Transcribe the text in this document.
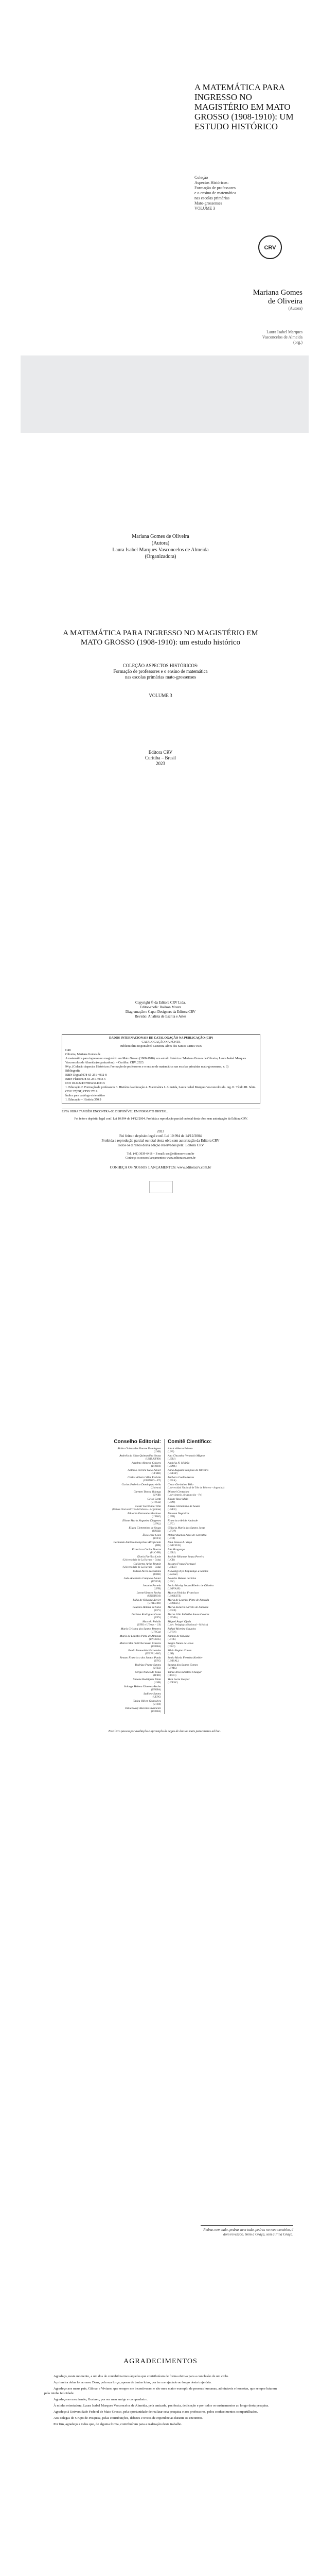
A MATEMÁTICA PARA INGRESSO NO MAGISTÉRIO EM MATO GROSSO (1908-1910): UM ESTUDO HISTÓRICO
Coleção
Aspectos Históricos:
Formação de professores
e o ensino de matemática
nas escolas primárias
Mato-grossenses
VOLUME 3
CRV
Mariana Gomes
de Oliveira
(Autora)
Laura Isabel Marques
Vasconcelos de Almeida
(org.)
Mariana Gomes de Oliveira
(Autora)
Laura Isabel Marques Vasconcelos de Almeida
(Organizadora)
A MATEMÁTICA PARA INGRESSO NO MAGISTÉRIO EM MATO GROSSO (1908-1910): um estudo histórico
COLEÇÃO ASPECTOS HISTÓRICOS:
Formação de professores e o ensino de matemática
nas escolas primárias mato-grossenses
VOLUME 3
Editora CRV
Curitiba – Brasil
2023
Copyright © da Editora CRV Ltda.
Editor-chefe: Railson Moura
Diagramação e Capa: Designers da Editora CRV
Revisão: Analista de Escrita e Artes
DADOS INTERNACIONAIS DE CATALOGAÇÃO NA PUBLICAÇÃO (CIP)
CATALOGAÇÃO NA FONTE
Bibliotecária responsável: Luzenira Alves dos Santos CRB9/1506
O48
Oliveira, Mariana Gomes de
A matemática para ingresso no magistério em Mato Grosso (1908-1910): um estudo histórico / Mariana Gomes de Oliveira, Laura Isabel Marques Vasconcelos de Almeida (organizadora). – Curitiba: CRV, 2023.
94 p. (Coleção Aspectos Históricos: Formação de professores e o ensino de matemática nas escolas primárias mato-grossenses, v. 3)
Bibliografia
ISBN Digital 978-65-251-4932-8
ISBN Físico 978-65-251-4933-5
DOI 10.24824/978652514933.5
1. Educação 2. Formação de professores 3. História da educação 4. Matemática I. Almeida, Laura Isabel Marques Vasconcelos de. org. II. Título III. Série.
CDU 37(091) CDD 370.9
Índice para catálogo sistemático
1. Educação – História 370.9
ESTA OBRA TAMBÉM ENCONTRA-SE DISPONÍVEL EM FORMATO DIGITAL.
Foi feito o depósito legal conf. Lei 10.994 de 14/12/2004. Proibida a reprodução parcial ou total desta obra sem autorização da Editora CRV.
2023
Foi feito o depósito legal conf. Lei 10.994 de 14/12/2004
Proibida a reprodução parcial ou total desta obra sem autorização da Editora CRV
Todos os direitos desta edição reservados pela: Editora CRV
Tel.: (41) 3039-6418 – E-mail: sac@editoracrv.com.br
Conheça os nossos lançamentos: www.editoracrv.com.br
CONHEÇA OS NOSSOS LANÇAMENTOS: www.editoracrv.com.br
Conselho Editorial:
Aldira Guimarães Duarte Domínguez
(UNB)
Andréia da Silva Quintanilha Sousa
(UNIR/UFRN)
Anselmo Alencar Colares
(UFOPA)
Antônio Pereira Gaio Júnior
(UFRRJ)
Carlos Alberto Vilar Estêvão
(UMINHO – PT)
Carlos Federico Dominguez Avila
(Unieuro)
Carmen Tereza Velanga
(UNIR)
Celso Conti
(UFSCar)
Cesar Gerónimo Tello
(Univer. Nacional Três de Febrero – Argentina)
Eduardo Fernandes Barbosa
(UFMG)
Elione Maria Nogueira Diogenes
(UFAL)
Elizeu Clementino de Souza
(UNEB)
Élsio José Corá
(UFFS)
Fernando Antônio Gonçalves Alcoforado
(IPB)
Francisco Carlos Duarte
(PUC-PR)
Gloria Fariñas León
(Universidade de La Havana – Cuba)
Guillermo Arias Beatón
(Universidade de La Havana – Cuba)
Jailson Alves dos Santos
(UFRJ)
João Adalberto Campato Junior
(UNESP)
Josania Portela
(UFPI)
Leonel Severo Rocha
(UNISINOS)
Lídia de Oliveira Xavier
(UNIEURO)
Lourdes Helena da Silva
(UFV)
Luciano Rodrigues Costa
(UFV)
Marcelo Paixão
(UFRJ e UTexas – US)
Maria Cristina dos Santos Bezerra
(UFSCar)
Maria de Lourdes Pinto de Almeida
(UNOESC)
Maria Lília Imbiriba Sousa Colares
(UFOPA)
Paulo Romualdo Hernandes
(UNIFAL-MG)
Renato Francisco dos Santos Paula
(UFG)
Rodrigo Pratte-Santos
(UFES)
Sérgio Nunes de Jesus
(IFRO)
Simone Rodrigues Pinto
(UNB)
Solange Helena Ximenes-Rocha
(UFOPA)
Sydione Santos
(UEPG)
Tadeu Oliver Gonçalves
(UFPA)
Tania Suely Azevedo Brasileiro
(UFOPA)
Comitê Científico:
Altair Alberto Fávero
(UPF)
Ana Chrystina Venancio Mignot
(UERJ)
Andréia N. Militão
(UEMS)
Anna Augusta Sampaio de Oliveira
(UNESP)
Barbara Coelho Neves
(UFBA)
Cesar Gerónimo Tello
(Universidad Nacional de Três de Febrero – Argentina)
Diosnel Centurion
(Univ Americ. de Asunción – Py)
Eliane Rose Maio
(UEM)
Elizeu Clementino de Souza
(UNEB)
Fauston Negreiros
(UFPI)
Francisco Ari de Andrade
(UFC)
Gláucia Maria dos Santos Jorge
(UFOP)
Helder Buenos Aires de Carvalho
(UFPI)
Ilma Passos A. Veiga
(UNICEUB)
Inês Bragança
(UERJ)
José de Ribamar Sousa Pereira
(UCB)
Jussara Fraga Portugal
(UNEB)
Kilwangy Kya Kapitango-a-Samba
(Unemat)
Lourdes Helena da Silva
(UFV)
Lucia Marisy Souza Ribeiro de Oliveira
(UNIVASF)
Marcos Vinicius Francisco
(UNOESTE)
Maria de Lourdes Pinto de Almeida
(UNOESC)
Maria Eurácia Barreto de Andrade
(UFRB)
Maria Lília Imbiriba Sousa Colares
(UFOPA)
Míguel Ángel Ojeda
(Univ. Pedagógica Nacional – México)
Rafael Moreira Siqueira
(UFRN)
Ramon de Oliveira
(UFPE)
Sérgio Nunes de Jesus
(IFRO)
Silvia Regina Canan
(URI)
Sonia Maria Ferreira Koehler
(UNISAL)
Suzana dos Santos Gomes
(UFMG)
Vânia Alves Martins Chaigar
(FURG)
Vera Lucia Gaspar
(UDESC)
Este livro passou por avaliação e aprovação às cegas de dois ou mais pareceristas ad hoc.
Pedras nem tudo, pedras nem tudo, pedras no meu caminho, é dom revezado. Nem a Graça, sem a Fina Graça.
AGRADECIMENTOS

Agradeço, neste momento, a um dos de contabilizarmos àqueles que contribuíram de forma efetiva para a conclusão de um ciclo.

A primeira delas foi ao meu Deus, pela sua força, apesar de tantas lutas, por ter me ajudado ao longo desta trajetória.

Agradeço aos meus país, Gilmar e Viviane, que sempre me incentivaram e são meu maior exemplo de pessoas humanas, admiráveis e honestas, que sempre lutaram pela minha felicidade.

Agradeço ao meu irmão, Gustavo, por ser meu amigo e companheiro.

À minha orientadora, Laura Isabel Marques Vasconcelos de Almeida, pela amizade, paciência, dedicação e por todos os ensinamentos ao longo desta pesquisa.

Agradeço à Universidade Federal de Mato Grosso, pela oportunidade de realizar esta pesquisa e aos professores, pelos conhecimentos compartilhados.

Aos colegas do Grupo de Pesquisa, pelas contribuições, debates e trocas de experiências durante os encontros.

Por fim, agradeço a todos que, de alguma forma, contribuíram para a realização deste trabalho.
